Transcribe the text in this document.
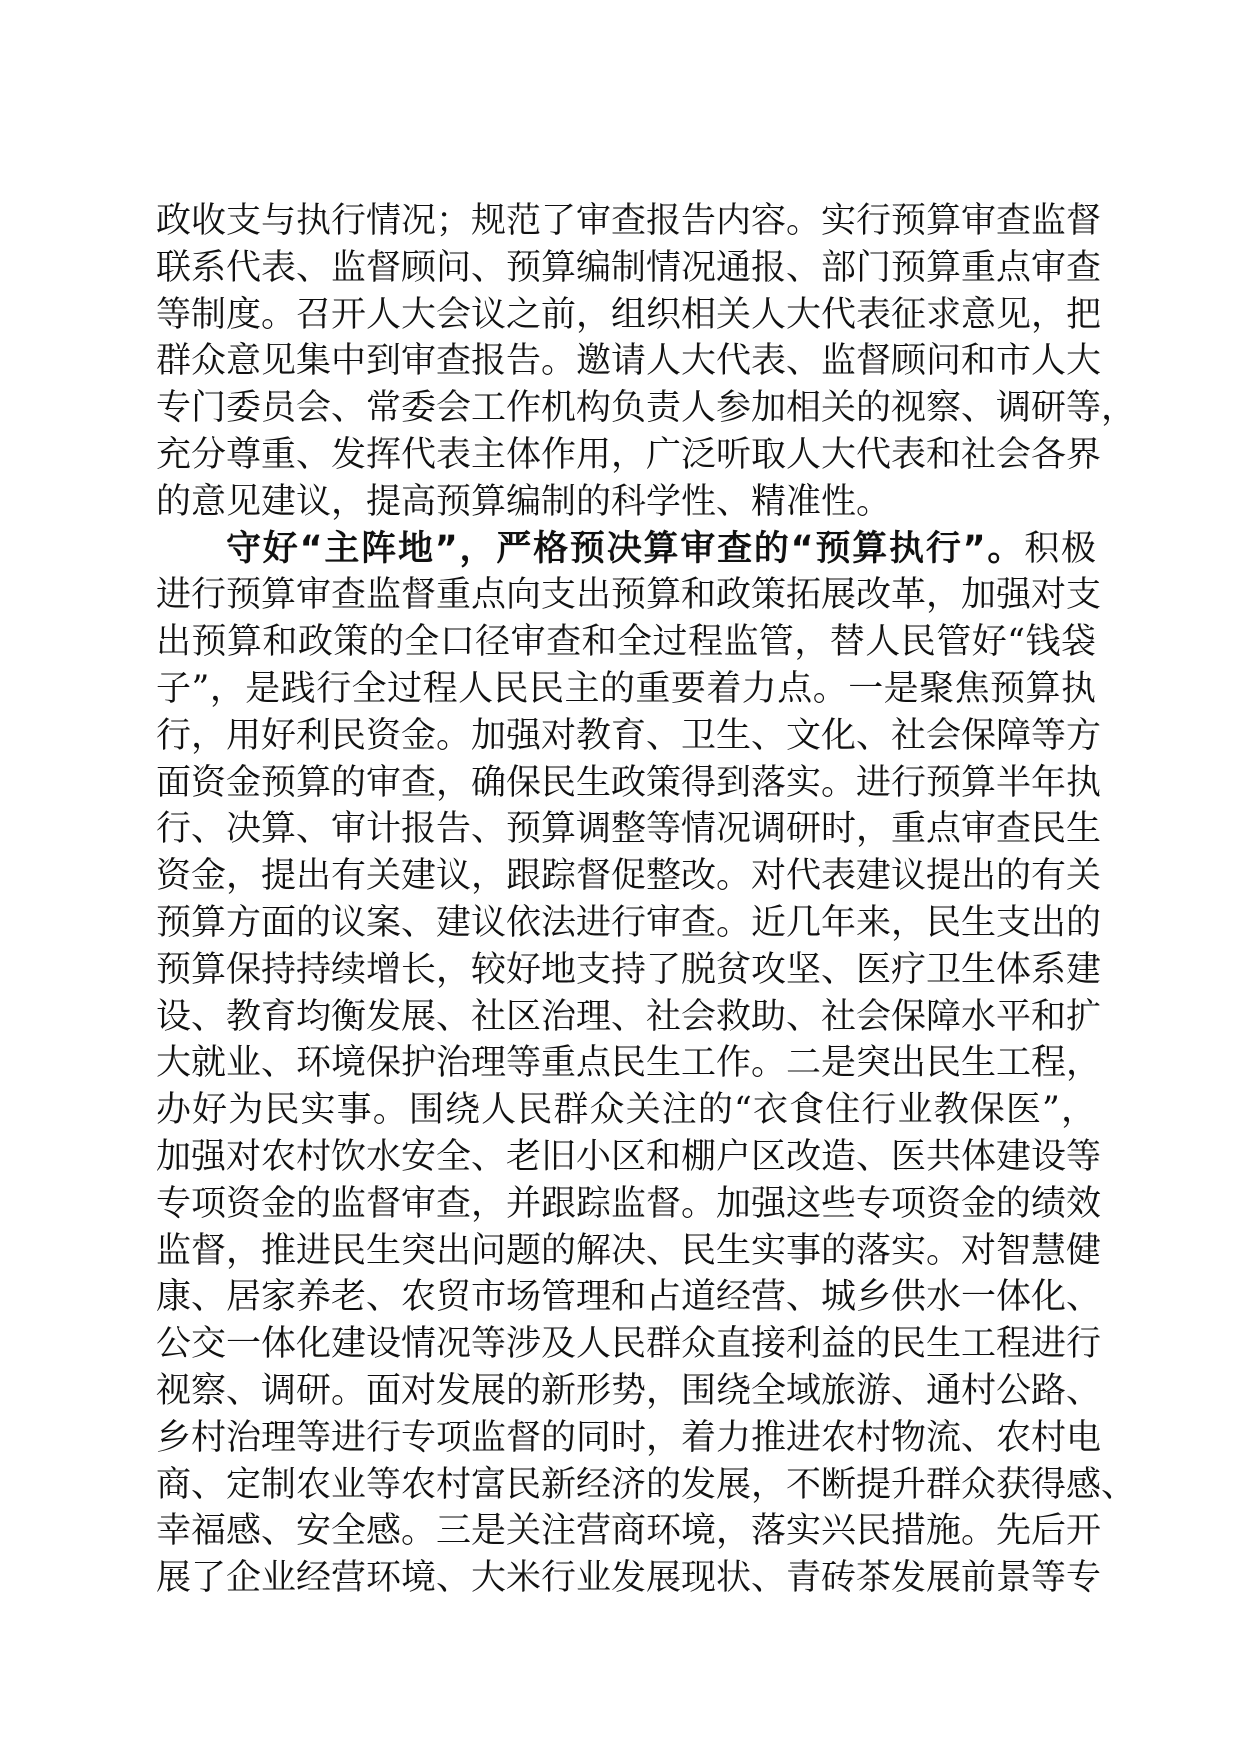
政收支与执行情况；规范了审查报告内容。实行预算审查监督
联系代表、监督顾问、预算编制情况通报、部门预算重点审查
等制度。召开人大会议之前，组织相关人大代表征求意见，把
群众意见集中到审查报告。邀请人大代表、监督顾问和市人大
专门委员会、常委会工作机构负责人参加相关的视察、调研等，
充分尊重、发挥代表主体作用，广泛听取人大代表和社会各界
的意见建议，提高预算编制的科学性、精准性。
守好“主阵地”，严格预决算审查的“预算执行”。积极
进行预算审查监督重点向支出预算和政策拓展改革，加强对支
出预算和政策的全口径审查和全过程监管，替人民管好“钱袋
子”，是践行全过程人民民主的重要着力点。一是聚焦预算执
行，用好利民资金。加强对教育、卫生、文化、社会保障等方
面资金预算的审查，确保民生政策得到落实。进行预算半年执
行、决算、审计报告、预算调整等情况调研时，重点审查民生
资金，提出有关建议，跟踪督促整改。对代表建议提出的有关
预算方面的议案、建议依法进行审查。近几年来，民生支出的
预算保持持续增长，较好地支持了脱贫攻坚、医疗卫生体系建
设、教育均衡发展、社区治理、社会救助、社会保障水平和扩
大就业、环境保护治理等重点民生工作。二是突出民生工程，
办好为民实事。围绕人民群众关注的“衣食住行业教保医”，
加强对农村饮水安全、老旧小区和棚户区改造、医共体建设等
专项资金的监督审查，并跟踪监督。加强这些专项资金的绩效
监督，推进民生突出问题的解决、民生实事的落实。对智慧健
康、居家养老、农贸市场管理和占道经营、城乡供水一体化、
公交一体化建设情况等涉及人民群众直接利益的民生工程进行
视察、调研。面对发展的新形势，围绕全域旅游、通村公路、
乡村治理等进行专项监督的同时，着力推进农村物流、农村电
商、定制农业等农村富民新经济的发展，不断提升群众获得感、
幸福感、安全感。三是关注营商环境，落实兴民措施。先后开
展了企业经营环境、大米行业发展现状、青砖茶发展前景等专
